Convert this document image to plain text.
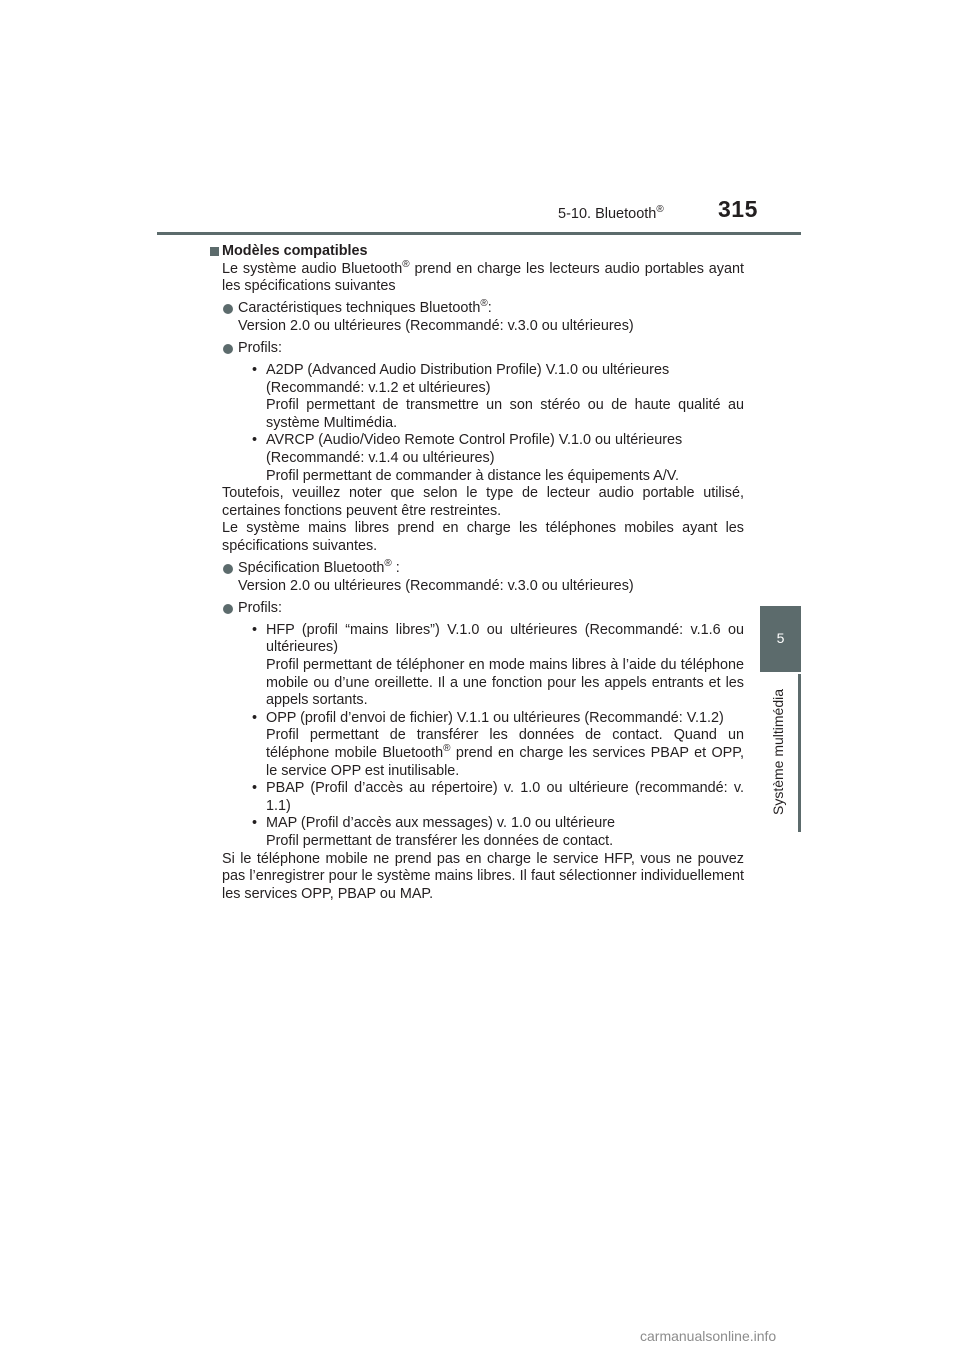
5-10. Bluetooth® 315
5
Système multimédia

Modèles compatibles

Le système audio Bluetooth® prend en charge les lecteurs audio portables ayant les spécifications suivantes

Caractéristiques techniques Bluetooth®:

Version 2.0 ou ultérieures (Recommandé: v.3.0 ou ultérieures)

Profils:

• A2DP (Advanced Audio Distribution Profile) V.1.0 ou ultérieures

(Recommandé: v.1.2 et ultérieures)

Profil permettant de transmettre un son stéréo ou de haute qualité au système Multimédia.

• AVRCP (Audio/Video Remote Control Profile) V.1.0 ou ultérieures

(Recommandé: v.1.4 ou ultérieures)

Profil permettant de commander à distance les équipements A/V.

Toutefois, veuillez noter que selon le type de lecteur audio portable utilisé, certaines fonctions peuvent être restreintes.

Le système mains libres prend en charge les téléphones mobiles ayant les spécifications suivantes.

Spécification Bluetooth® :

Version 2.0 ou ultérieures (Recommandé: v.3.0 ou ultérieures)

Profils:

• HFP (profil “mains libres”) V.1.0 ou ultérieures (Recommandé: v.1.6 ou ultérieures)

Profil permettant de téléphoner en mode mains libres à l’aide du téléphone mobile ou d’une oreillette. Il a une fonction pour les appels entrants et les appels sortants.

• OPP (profil d’envoi de fichier) V.1.1 ou ultérieures (Recommandé: V.1.2)

Profil permettant de transférer les données de contact. Quand un téléphone mobile Bluetooth® prend en charge les services PBAP et OPP, le service OPP est inutilisable.

• PBAP (Profil d’accès au répertoire) v. 1.0 ou ultérieure (recommandé: v. 1.1)

• MAP (Profil d’accès aux messages) v. 1.0 ou ultérieure

Profil permettant de transférer les données de contact.

Si le téléphone mobile ne prend pas en charge le service HFP, vous ne pouvez pas l’enregistrer pour le système mains libres. Il faut sélectionner individuellement les services OPP, PBAP ou MAP.

carmanualsonline.info
